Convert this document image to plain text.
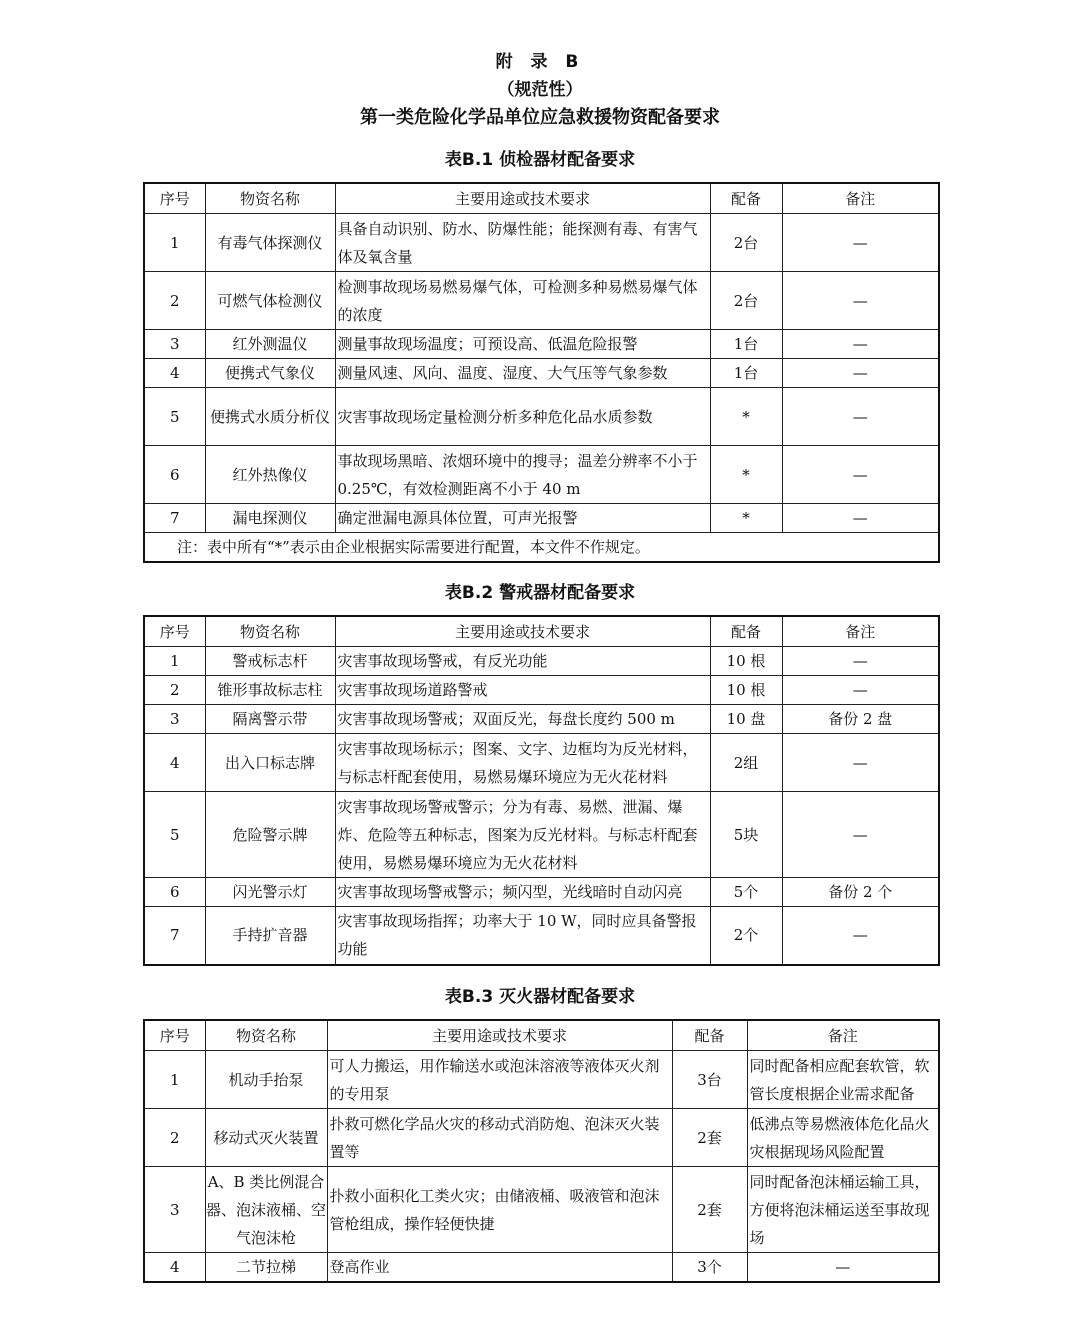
附 录 B
（规范性）
第一类危险化学品单位应急救援物资配备要求
表B.1 侦检器材配备要求
序号	物资名称	主要用途或技术要求	配备	备注
1	有毒气体探测仪	具备自动识别、防水、防爆性能；能探测有毒、有害气体及氧含量	2台	—
2	可燃气体检测仪	检测事故现场易燃易爆气体，可检测多种易燃易爆气体的浓度	2台	—
3	红外测温仪	测量事故现场温度；可预设高、低温危险报警	1台	—
4	便携式气象仪	测量风速、风向、温度、湿度、大气压等气象参数	1台	—
5	便携式水质分析仪	灾害事故现场定量检测分析多种危化品水质参数	*	—
6	红外热像仪	事故现场黑暗、浓烟环境中的搜寻；温差分辨率不小于 0.25℃，有效检测距离不小于 40 m	*	—
7	漏电探测仪	确定泄漏电源具体位置，可声光报警	*	—
注：表中所有“*”表示由企业根据实际需要进行配置，本文件不作规定。				
表B.2 警戒器材配备要求
序号	物资名称	主要用途或技术要求	配备	备注
1	警戒标志杆	灾害事故现场警戒，有反光功能	10 根	—
2	锥形事故标志柱	灾害事故现场道路警戒	10 根	—
3	隔离警示带	灾害事故现场警戒；双面反光，每盘长度约 500 m	10 盘	备份 2 盘
4	出入口标志牌	灾害事故现场标示；图案、文字、边框均为反光材料，与标志杆配套使用，易燃易爆环境应为无火花材料	2组	—
5	危险警示牌	灾害事故现场警戒警示；分为有毒、易燃、泄漏、爆炸、危险等五种标志，图案为反光材料。与标志杆配套使用，易燃易爆环境应为无火花材料	5块	—
6	闪光警示灯	灾害事故现场警戒警示；频闪型，光线暗时自动闪亮	5个	备份 2 个
7	手持扩音器	灾害事故现场指挥；功率大于 10 W，同时应具备警报功能	2个	—
表B.3 灭火器材配备要求
序号	物资名称	主要用途或技术要求	配备	备注
1	机动手抬泵	可人力搬运，用作输送水或泡沫溶液等液体灭火剂的专用泵	3台	同时配备相应配套软管，软管长度根据企业需求配备
2	移动式灭火装置	扑救可燃化学品火灾的移动式消防炮、泡沫灭火装置等	2套	低沸点等易燃液体危化品火灾根据现场风险配置
3	A、B 类比例混合器、泡沫液桶、空气泡沫枪	扑救小面积化工类火灾；由储液桶、吸液管和泡沫管枪组成，操作轻便快捷	2套	同时配备泡沫桶运输工具，方便将泡沫桶运送至事故现场
4	二节拉梯	登高作业	3个	—
